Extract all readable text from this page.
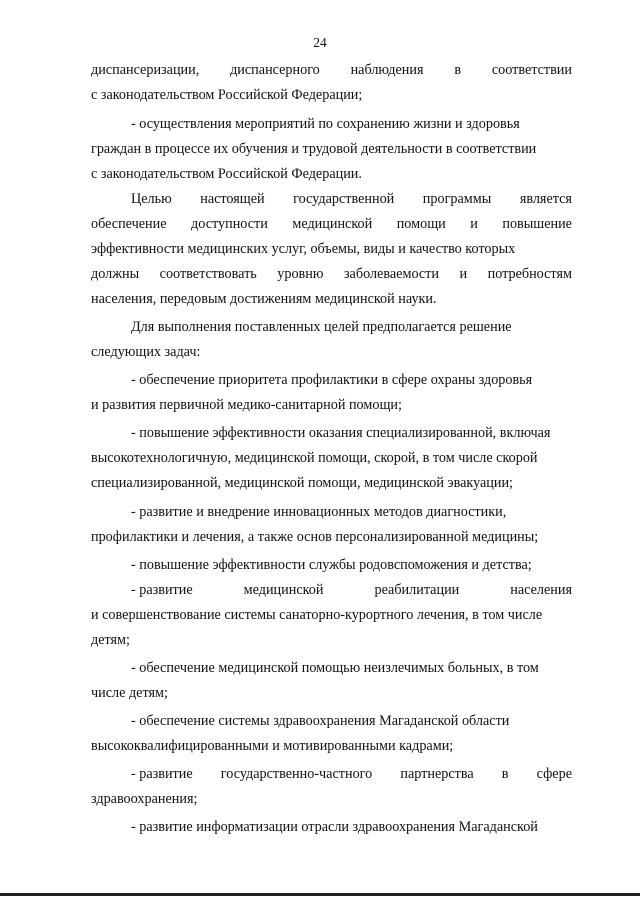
24
диспансеризации, диспансерного наблюдения в соответствии
с законодательством Российской Федерации;
- осуществления мероприятий по сохранению жизни и здоровья
граждан в процессе их обучения и трудовой деятельности в соответствии
с законодательством Российской Федерации.
Целью настоящей государственной программы является
обеспечение доступности медицинской помощи и повышение
эффективности медицинских услуг, объемы, виды и качество которых
должны соответствовать уровню заболеваемости и потребностям
населения, передовым достижениям медицинской науки.
Для выполнения поставленных целей предполагается решение
следующих задач:
- обеспечение приоритета профилактики в сфере охраны здоровья
и развития первичной медико-санитарной помощи;
- повышение эффективности оказания специализированной, включая
высокотехнологичную, медицинской помощи, скорой, в том числе скорой
специализированной, медицинской помощи, медицинской эвакуации;
- развитие и внедрение инновационных методов диагностики,
профилактики и лечения, а также основ персонализированной медицины;
- повышение эффективности службы родовспоможения и детства;
- развитие	медицинской	реабилитации	населения
и совершенствование системы санаторно-курортного лечения, в том числе
детям;
- обеспечение медицинской помощью неизлечимых больных, в том
числе детям;
- обеспечение системы здравоохранения Магаданской области
высококвалифицированными и мотивированными кадрами;
- развитие государственно-частного партнерства в сфере
здравоохранения;
- развитие информатизации отрасли здравоохранения Магаданской
